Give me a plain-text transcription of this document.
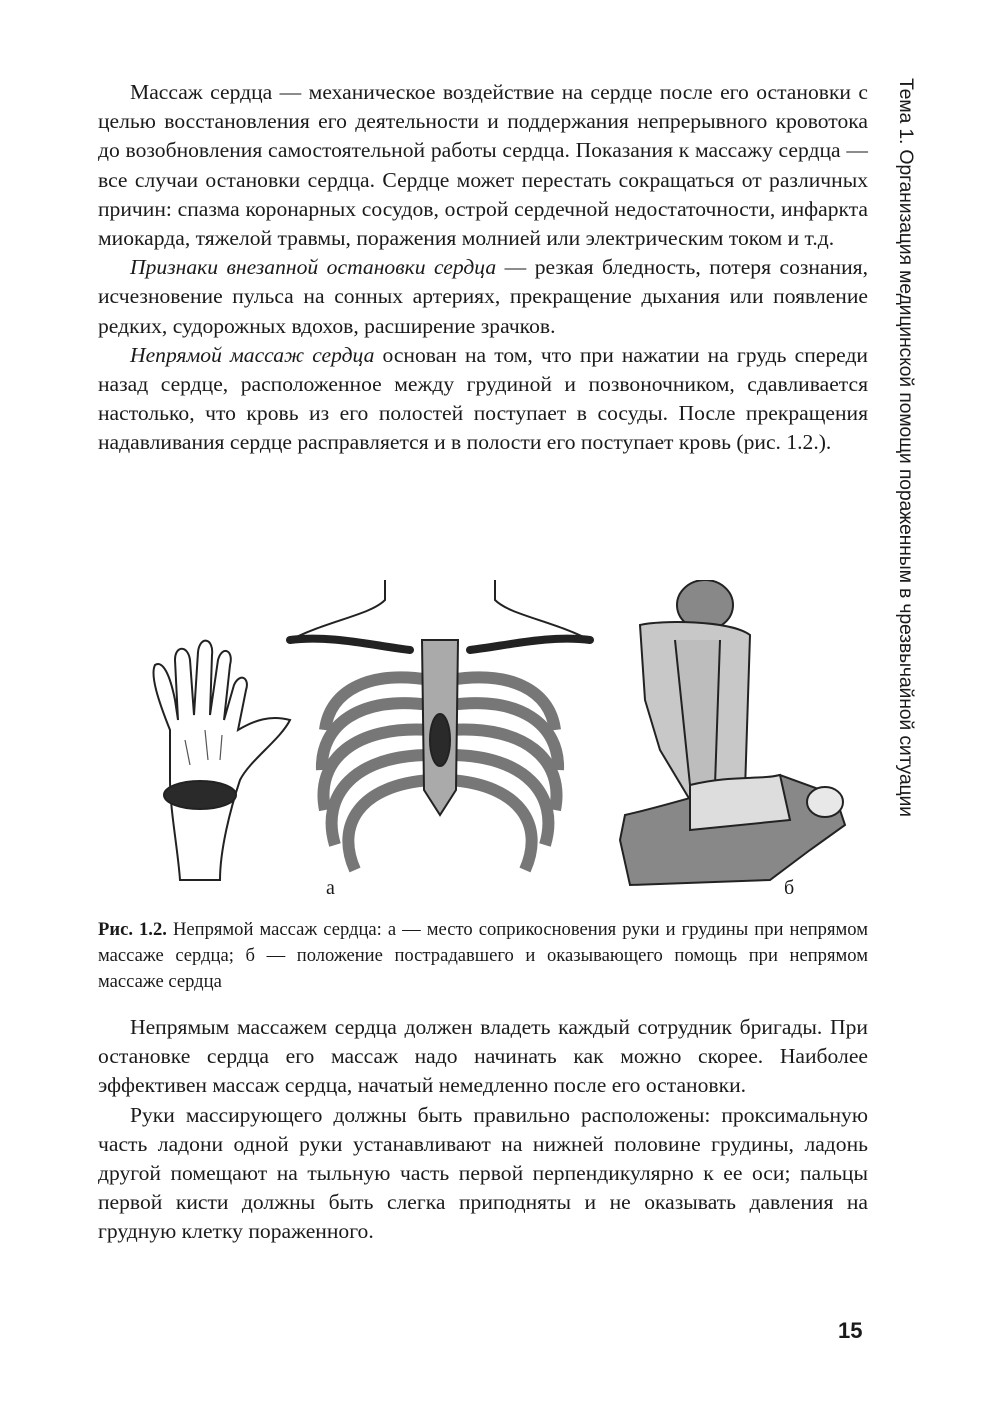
Массаж сердца — механическое воздействие на сердце после его остановки с целью восстановления его деятельности и поддержания непрерывного кровотока до возобновления самостоятельной работы сердца. Показания к массажу сердца — все случаи остановки сердца. Сердце может перестать сокращаться от различных причин: спазма коронарных сосудов, острой сердечной недостаточности, инфаркта миокарда, тяжелой травмы, поражения молнией или электрическим током и т.д.

Признаки внезапной остановки сердца — резкая бледность, потеря сознания, исчезновение пульса на сонных артериях, прекращение дыхания или появление редких, судорожных вдохов, расширение зрачков.

Непрямой массаж сердца основан на том, что при нажатии на грудь спереди назад сердце, расположенное между грудиной и позвоночником, сдавливается настолько, что кровь из его полостей поступает в сосуды. После прекращения надавливания сердце расправляется и в полости его поступает кровь (рис. 1.2.).	Тема 1. Организация медицинской помощи пораженным в чрезвычайной ситуации
а	б
Рис. 1.2. Непрямой массаж сердца: а — место соприкосновения руки и грудины при непрямом массаже сердца; б — положение пострадавшего и оказывающего помощь при непрямом массаже сердца

Непрямым массажем сердца должен владеть каждый сотрудник бригады. При остановке сердца его массаж надо начинать как можно скорее. Наиболее эффективен массаж сердца, начатый немедленно после его остановки.

Руки массирующего должны быть правильно расположены: проксимальную часть ладони одной руки устанавливают на нижней половине грудины, ладонь другой помещают на тыльную часть первой перпендикулярно к ее оси; пальцы первой кисти должны быть слегка приподняты и не оказывать давления на грудную клетку пораженного.

15
